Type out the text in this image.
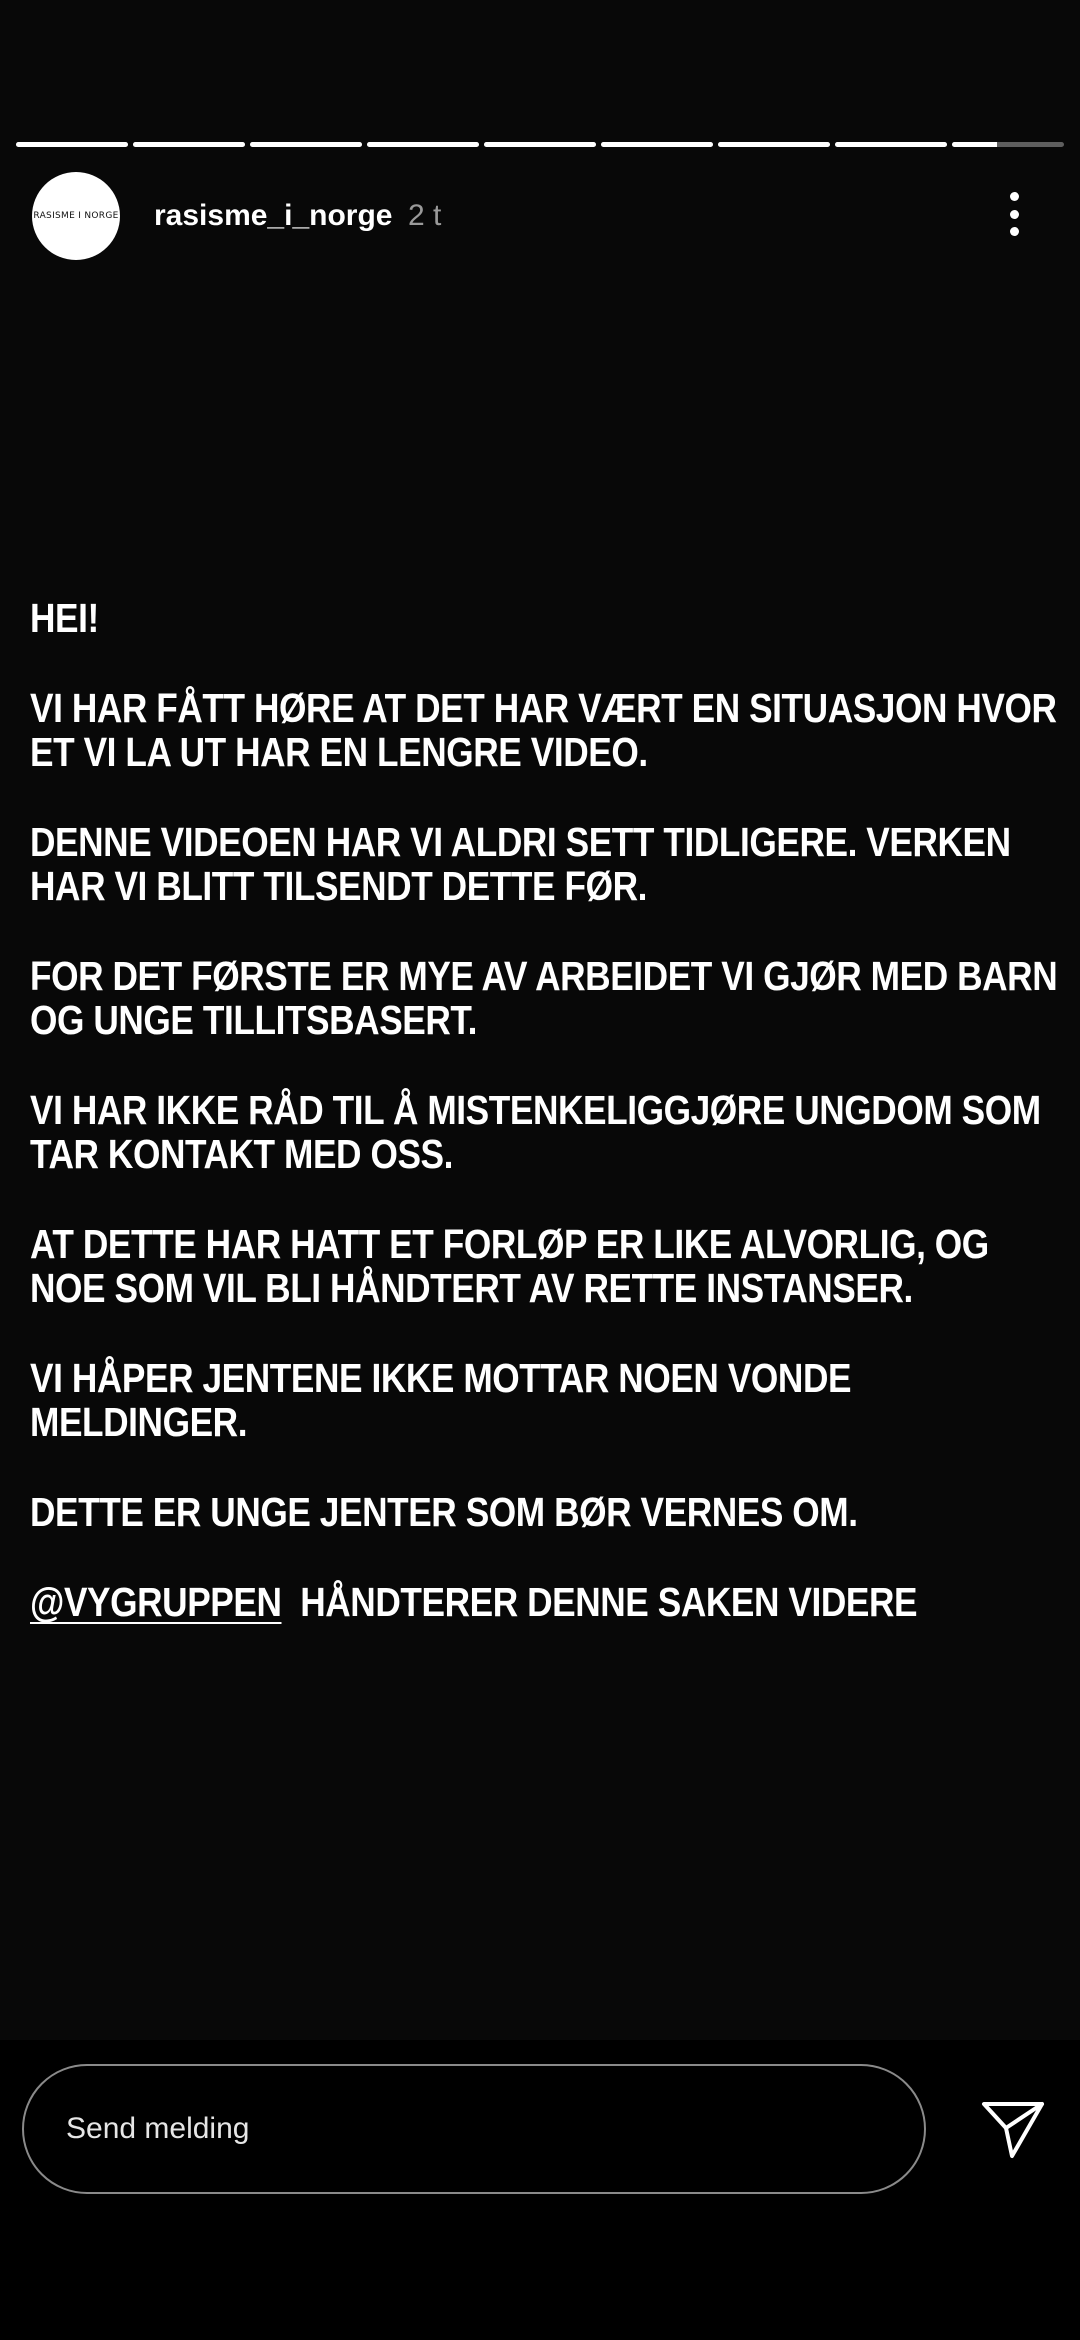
RASISME I NORGE rasisme_i_norge 2 t

HEI!

VI HAR FÅTT HØRE AT DET HAR VÆRT EN SITUASJON HVOR ET VI LA UT HAR EN LENGRE VIDEO.

DENNE VIDEOEN HAR VI ALDRI SETT TIDLIGERE. VERKEN HAR VI BLITT TILSENDT DETTE FØR.

FOR DET FØRSTE ER MYE AV ARBEIDET VI GJØR MED BARN OG UNGE TILLITSBASERT.

VI HAR IKKE RÅD TIL Å MISTENKELIGGJØRE UNGDOM SOM TAR KONTAKT MED OSS.

AT DETTE HAR HATT ET FORLØP ER LIKE ALVORLIG, OG NOE SOM VIL BLI HÅNDTERT AV RETTE INSTANSER.

VI HÅPER JENTENE IKKE MOTTAR NOEN VONDE MELDINGER.

DETTE ER UNGE JENTER SOM BØR VERNES OM.

@VYGRUPPEN HÅNDTERER DENNE SAKEN VIDERE

Send melding
